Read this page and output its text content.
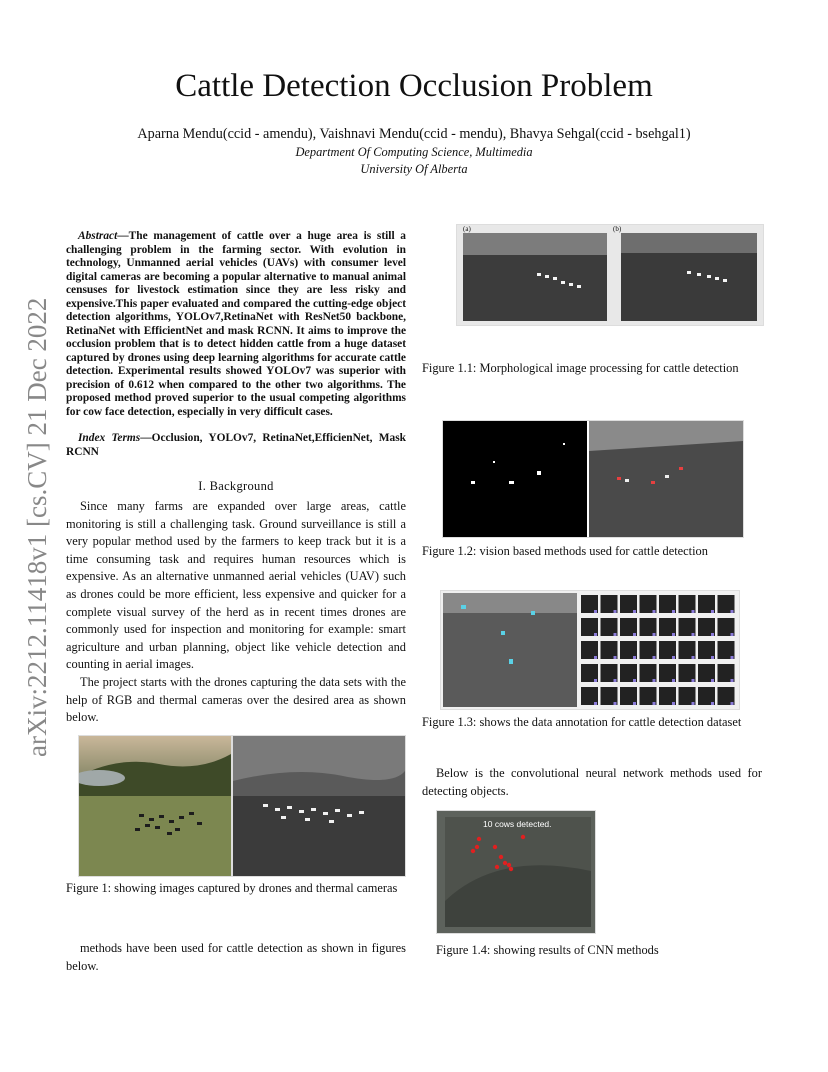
Cattle Detection Occlusion Problem
Aparna Mendu(ccid - amendu), Vaishnavi Mendu(ccid - mendu), Bhavya Sehgal(ccid - bsehgal1)
Department Of Computing Science, Multimedia
University Of Alberta
arXiv:2212.11418v1 [cs.CV] 21 Dec 2022
Abstract—The management of cattle over a huge area is still a challenging problem in the farming sector. With evolution in technology, Unmanned aerial vehicles (UAVs) with consumer level digital cameras are becoming a popular alternative to manual animal censuses for livestock estimation since they are less risky and expensive.This paper evaluated and compared the cutting-edge object detection algorithms, YOLOv7,RetinaNet with ResNet50 backbone, RetinaNet with EfficientNet and mask RCNN. It aims to improve the occlusion problem that is to detect hidden cattle from a huge dataset captured by drones using deep learning algorithms for accurate cattle detection. Experimental results showed YOLOv7 was superior with precision of 0.612 when compared to the other two algorithms. The proposed method proved superior to the usual competing algorithms for cow face detection, especially in very difficult cases.
Index Terms—Occlusion, YOLOv7, RetinaNet,EfficienNet, Mask RCNN
I. Background
Since many farms are expanded over large areas, cattle monitoring is still a challenging task. Ground surveillance is still a very popular method used by the farmers to keep track but it is a time consuming task and requires human resources which is expensive. As an alternative unmanned aerial vehicles (UAV) such as drones could be more efficient, less expensive and quicker for a complete visual survey of the herd as in recent times drones are commonly used for inspection and monitoring for example: smart agriculture and urban planning, object like vehicle detection and counting in aerial images.
The project starts with the drones capturing the data sets with the help of RGB and thermal cameras over the desired area as shown below.
Figure 1: showing images captured by drones and thermal cameras
methods have been used for cattle detection as shown in figures below.
(a)	(b)
Figure 1.1: Morphological image processing for cattle detection
Figure 1.2: vision based methods used for cattle detection
Figure 1.3: shows the data annotation for cattle detection dataset
Below is the convolutional neural network methods used for detecting objects.
10 cows detected.
Figure 1.4: showing results of CNN methods
